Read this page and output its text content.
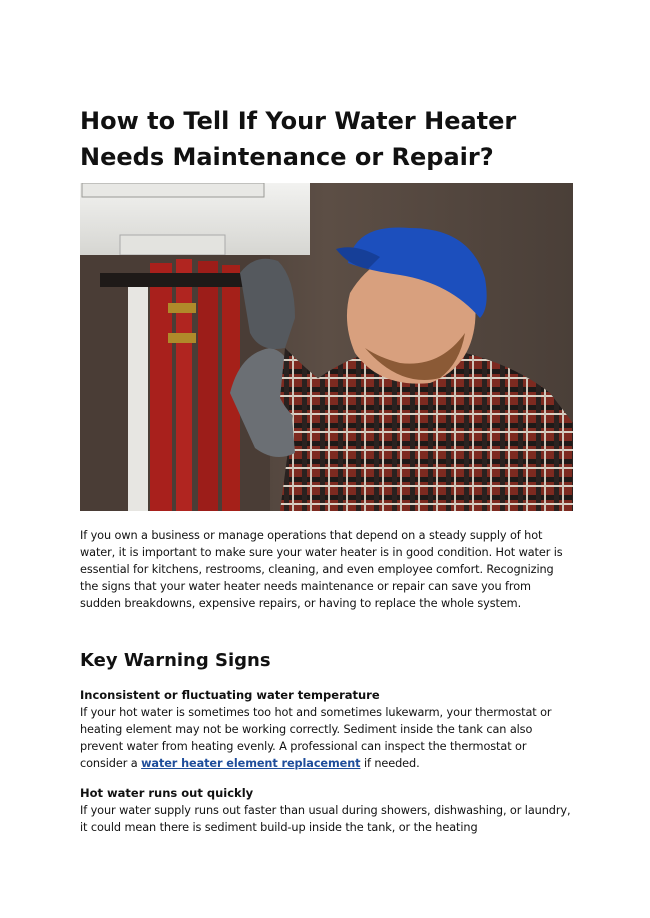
How to Tell If Your Water Heater Needs Maintenance or Repair?

If you own a business or manage operations that depend on a steady supply of hot water, it is important to make sure your water heater is in good condition. Hot water is essential for kitchens, restrooms, cleaning, and even employee comfort. Recognizing the signs that your water heater needs maintenance or repair can save you from sudden breakdowns, expensive repairs, or having to replace the whole system.

Key Warning Signs

Inconsistent or fluctuating water temperature

If your hot water is sometimes too hot and sometimes lukewarm, your thermostat or heating element may not be working correctly. Sediment inside the tank can also prevent water from heating evenly. A professional can inspect the thermostat or consider a water heater element replacement if needed.

Hot water runs out quickly

If your water supply runs out faster than usual during showers, dishwashing, or laundry, it could mean there is sediment build-up inside the tank, or the heating
